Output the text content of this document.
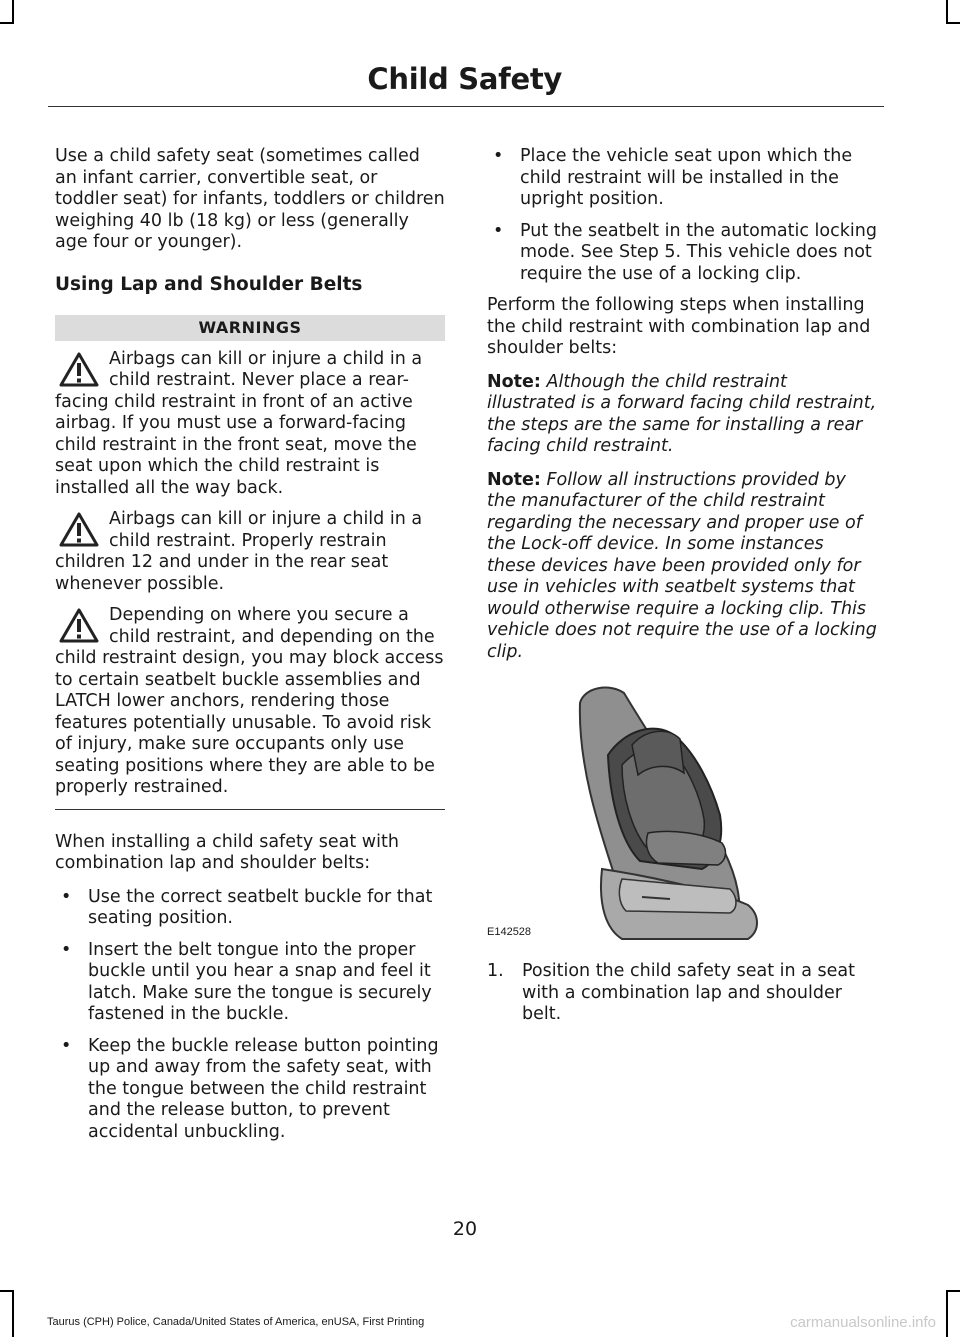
Child Safety

Use a child safety seat (sometimes called an infant carrier, convertible seat, or toddler seat) for infants, toddlers or children weighing 40 lb (18 kg) or less (generally age four or younger).

Using Lap and Shoulder Belts
WARNINGS
Airbags can kill or injure a child in a child restraint. Never place a rear-facing child restraint in front of an active airbag. If you must use a forward-facing child restraint in the front seat, move the seat upon which the child restraint is installed all the way back.
Airbags can kill or injure a child in a child restraint. Properly restrain children 12 and under in the rear seat whenever possible.
Depending on where you secure a child restraint, and depending on the child restraint design, you may block access to certain seatbelt buckle assemblies and LATCH lower anchors, rendering those features potentially unusable. To avoid risk of injury, make sure occupants only use seating positions where they are able to be properly restrained.

When installing a child safety seat with combination lap and shoulder belts:

• Use the correct seatbelt buckle for that seating position.
• Insert the belt tongue into the proper buckle until you hear a snap and feel it latch. Make sure the tongue is securely fastened in the buckle.
• Keep the buckle release button pointing up and away from the safety seat, with the tongue between the child restraint and the release button, to prevent accidental unbuckling.
• Place the vehicle seat upon which the child restraint will be installed in the upright position.
• Put the seatbelt in the automatic locking mode. See Step 5. This vehicle does not require the use of a locking clip.

Perform the following steps when installing the child restraint with combination lap and shoulder belts:

Note: Although the child restraint illustrated is a forward facing child restraint, the steps are the same for installing a rear facing child restraint.

Note: Follow all instructions provided by the manufacturer of the child restraint regarding the necessary and proper use of the Lock-off device. In some instances these devices have been provided only for use in vehicles with seatbelt systems that would otherwise require a locking clip. This vehicle does not require the use of a locking clip.

E142528
1. Position the child safety seat in a seat with a combination lap and shoulder belt.
20
Taurus (CPH) Police, Canada/United States of America, enUSA, First Printing	carmanualsonline.info
